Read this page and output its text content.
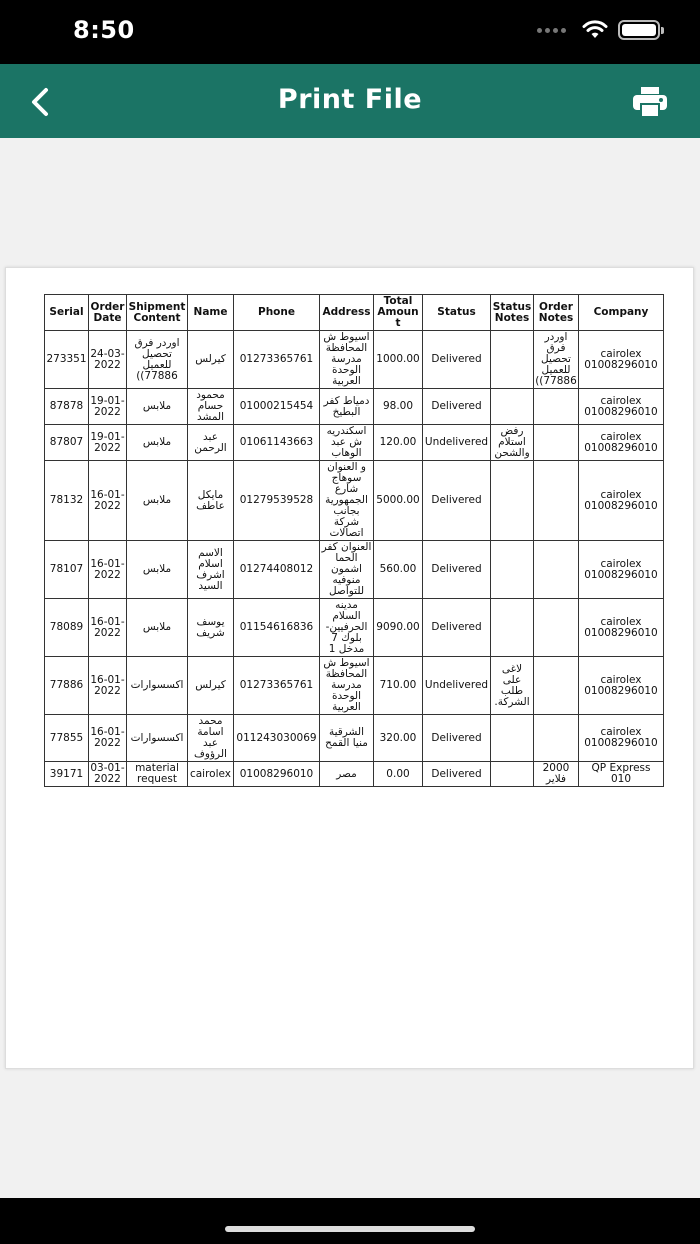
8:50
Print File
Serial	Order Date	Shipment Content	Name	Phone	Address	Total Amount	Status	Status Notes	Order Notes	Company
273351	24-03-2022	اوردر فرق تحصيل للعميل 77886))	كيرلس	01273365761	اسيوط ش المحافظة مدرسة الوحدة العربية	1000.00	Delivered		اوردر فرق تحصيل للعميل 77886))	cairolex 01008296010
87878	19-01-2022	ملابس	محمود حسام المشد	01000215454	دمياط كفر البطيخ	98.00	Delivered			cairolex 01008296010
87807	19-01-2022	ملابس	عبد الرحمن	01061143663	اسكندريه ش عبد الوهاب	120.00	Undelivered	رفض استلام والشحن		cairolex 01008296010
78132	16-01-2022	ملابس	مايكل عاطف	01279539528	و العنوان سوهاج شارع الجمهورية بجانب شركة اتصالات	5000.00	Delivered			cairolex 01008296010
78107	16-01-2022	ملابس	الاسم اسلام اشرف السيد	01274408012	العنوان كفر الحما اشمون منوفيه للتواصل	560.00	Delivered			cairolex 01008296010
78089	16-01-2022	ملابس	يوسف شريف	01154616836	مدينه السلام الحرفيين-بلوك 7 مدخل 1	9090.00	Delivered			cairolex 01008296010
77886	16-01-2022	اكسسوارات	كيرلس	01273365761	اسيوط ش المحافظة مدرسة الوحدة العربية	710.00	Undelivered	لاغى على طلب الشركة.		cairolex 01008296010
77855	16-01-2022	اكسسوارات	محمد اسامة عبد الرؤوف	011243030069	الشرقية منيا القمح	320.00	Delivered			cairolex 01008296010
39171	03-01-2022	material request	cairolex	01008296010	مصر	0.00	Delivered		2000 فلاير	QP Express 010
